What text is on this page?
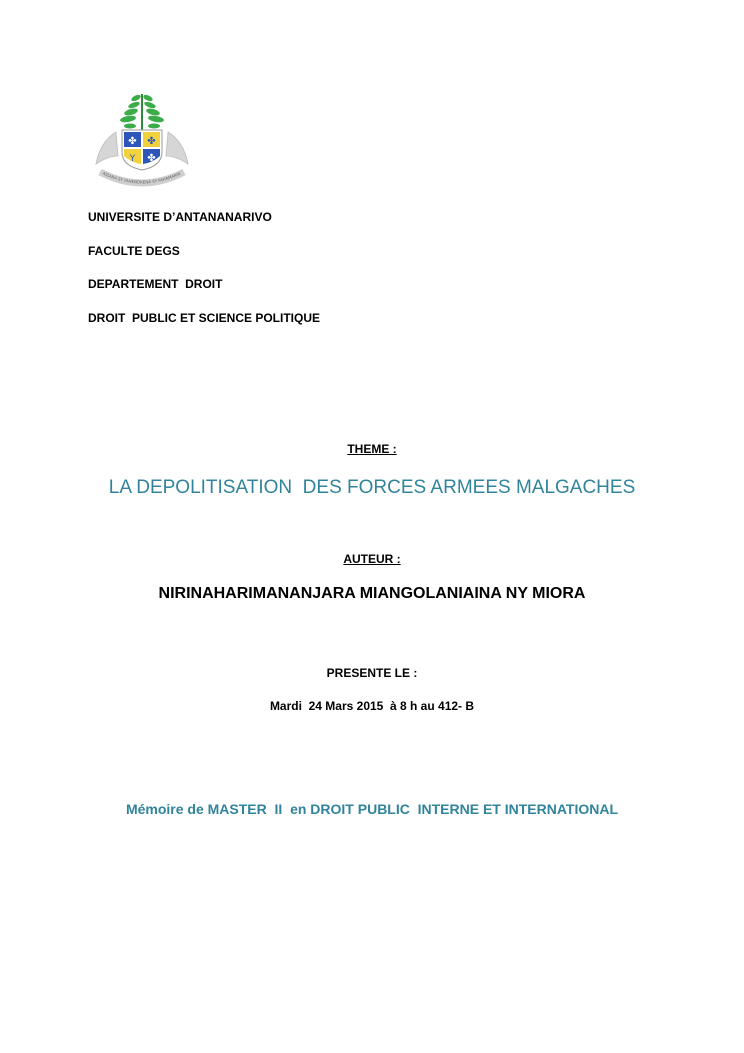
✤ ✤
Y ✤
AIZANA SY FAHENDRENA SY FAHAMARIN
UNIVERSITE D’ANTANANARIVO
FACULTE DEGS
DEPARTEMENT  DROIT
DROIT  PUBLIC ET SCIENCE POLITIQUE
THEME :
LA DEPOLITISATION  DES FORCES ARMEES MALGACHES
AUTEUR :
NIRINAHARIMANANJARA MIANGOLANIAINA NY MIORA
PRESENTE LE :
Mardi  24 Mars 2015  à 8 h au 412- B
Mémoire de MASTER  II  en DROIT PUBLIC  INTERNE ET INTERNATIONAL
